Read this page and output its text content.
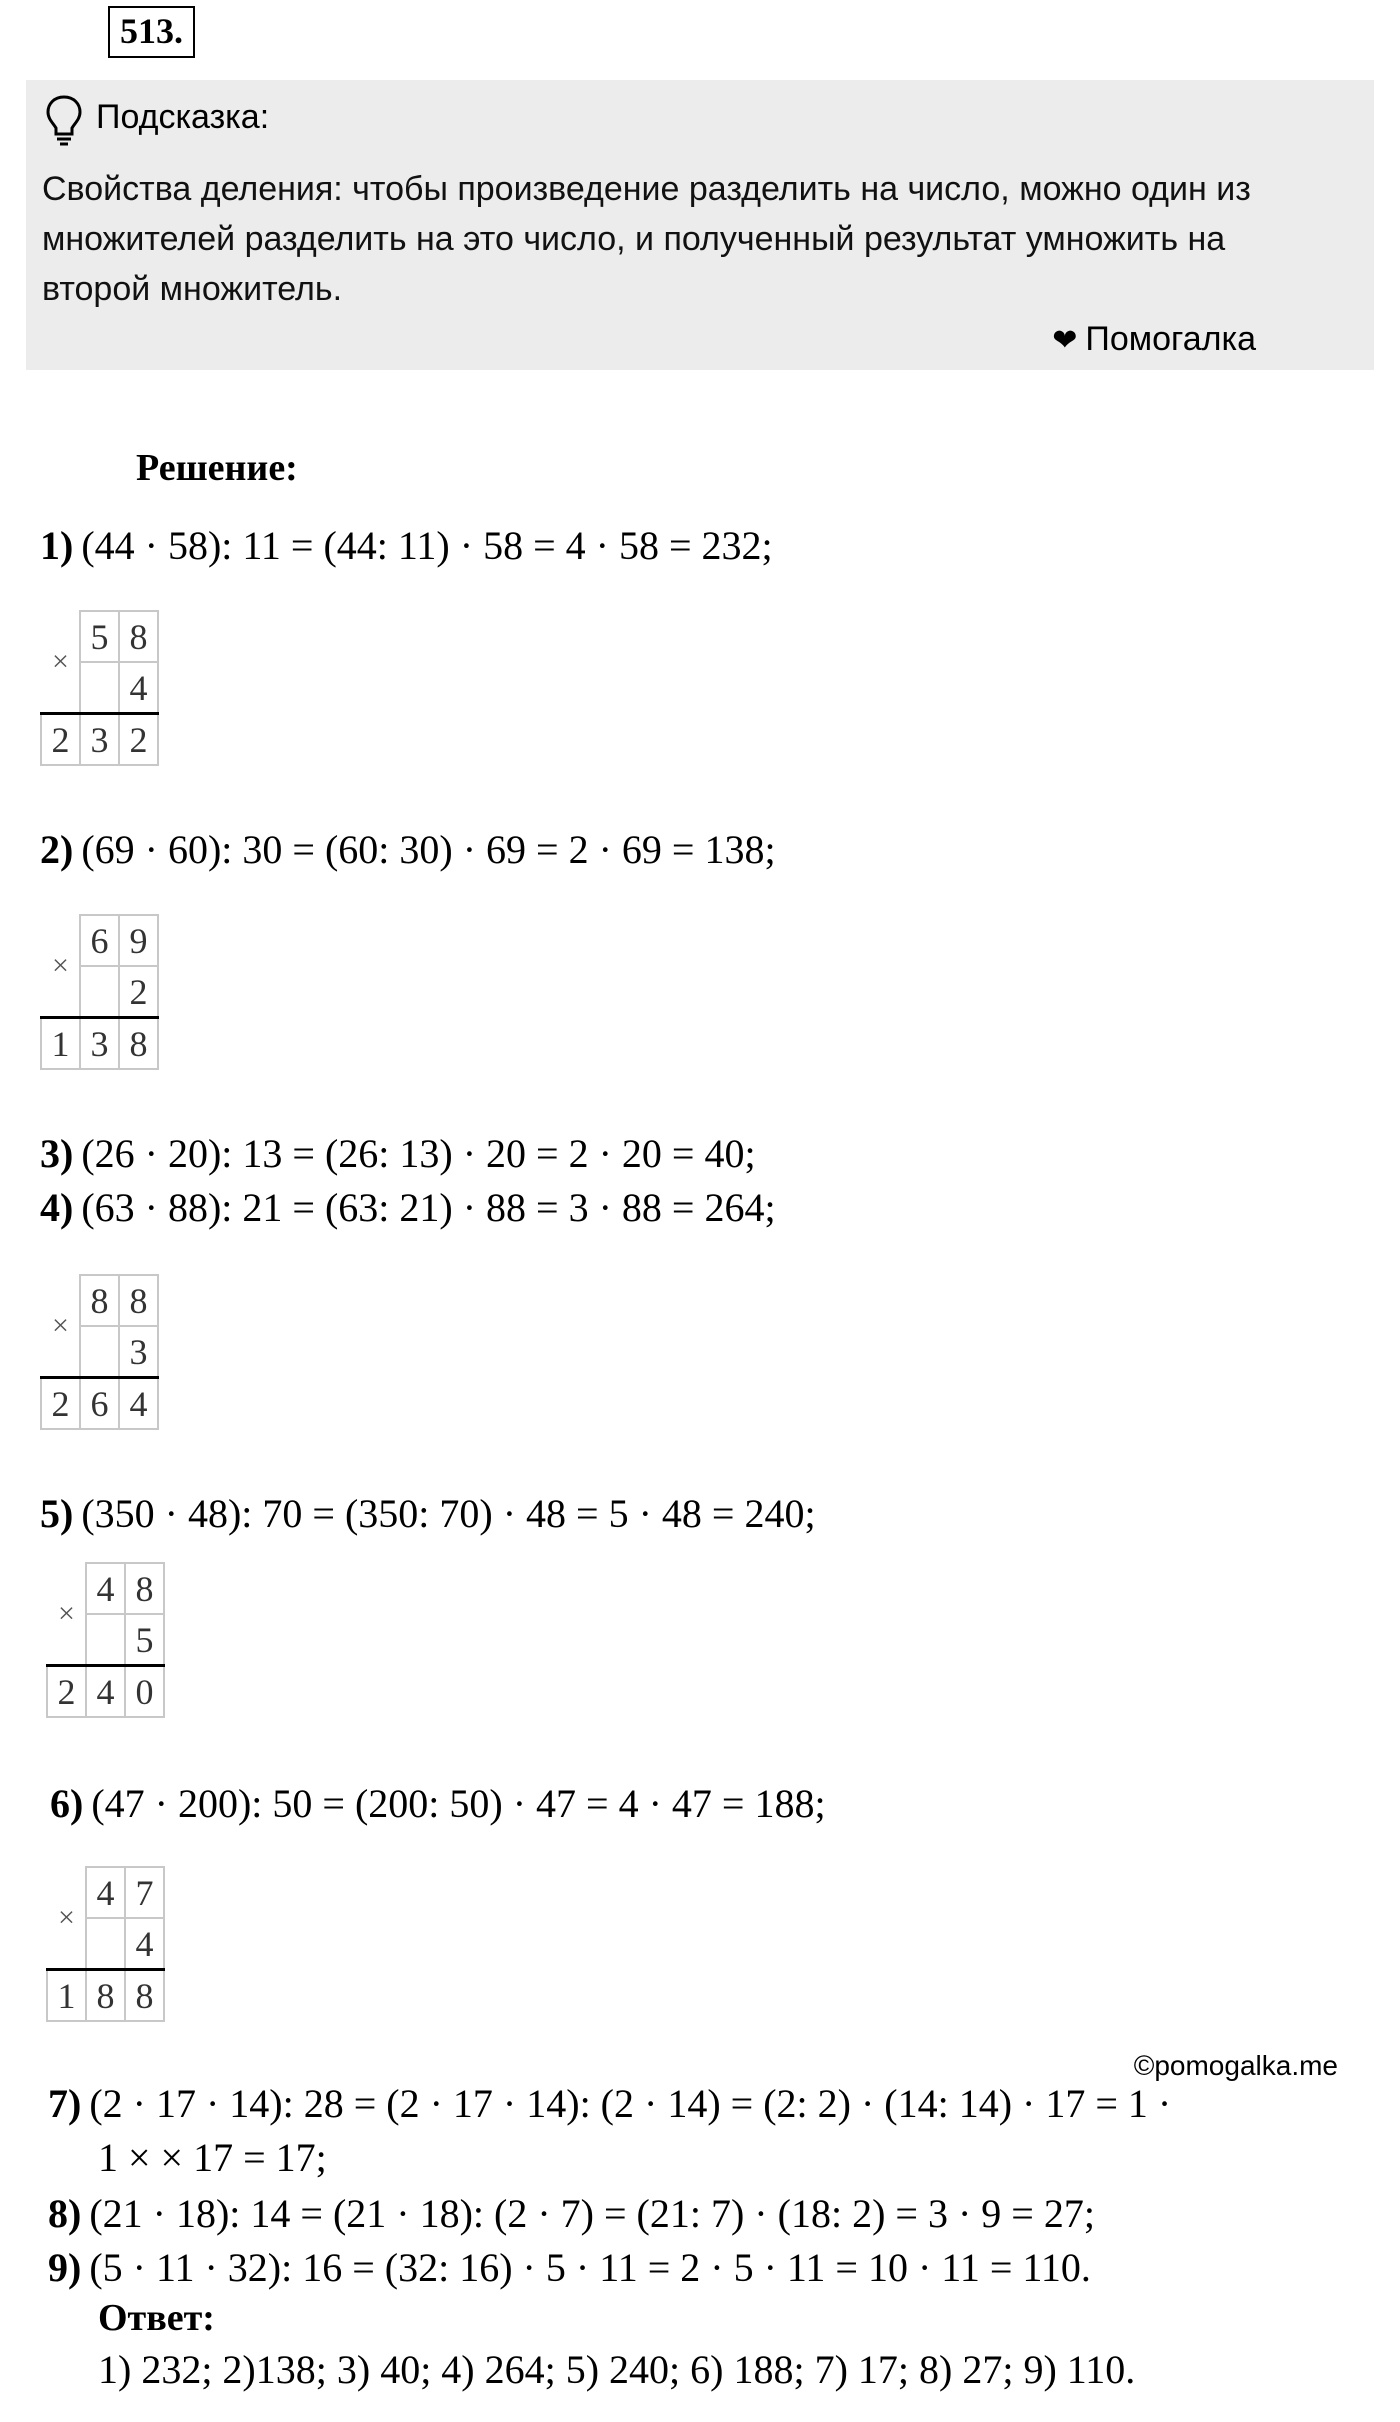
513.
Подсказка:
Свойства деления: чтобы произведение разделить на число, можно один из множителей разделить на это число, и полученный результат умножить на второй множитель.
❤ Помогалка
Решение:
1) (44 · 58): 11 = (44: 11) · 58 = 4 · 58 = 232;
×	5	8
		4
2	3	2
2) (69 · 60): 30 = (60: 30) · 69 = 2 · 69 = 138;
×	6	9
		2
1	3	8
3) (26 · 20): 13 = (26: 13) · 20 = 2 · 20 = 40;
4) (63 · 88): 21 = (63: 21) · 88 = 3 · 88 = 264;
×	8	8
		3
2	6	4
5) (350 · 48): 70 = (350: 70) · 48 = 5 · 48 = 240;
×	4	8
		5
2	4	0
6) (47 · 200): 50 = (200: 50) · 47 = 4 · 47 = 188;
×	4	7
		4
1	8	8
©pomogalka.me
7) (2 · 17 · 14): 28 = (2 · 17 · 14): (2 · 14) = (2: 2) · (14: 14) · 17 = 1 ·
1 × × 17 = 17;
8) (21 · 18): 14 = (21 · 18): (2 · 7) = (21: 7) · (18: 2) = 3 · 9 = 27;
9) (5 · 11 · 32): 16 = (32: 16) · 5 · 11 = 2 · 5 · 11 = 10 · 11 = 110.
Ответ:
1) 232; 2)138; 3) 40; 4) 264; 5) 240; 6) 188; 7) 17; 8) 27; 9) 110.
